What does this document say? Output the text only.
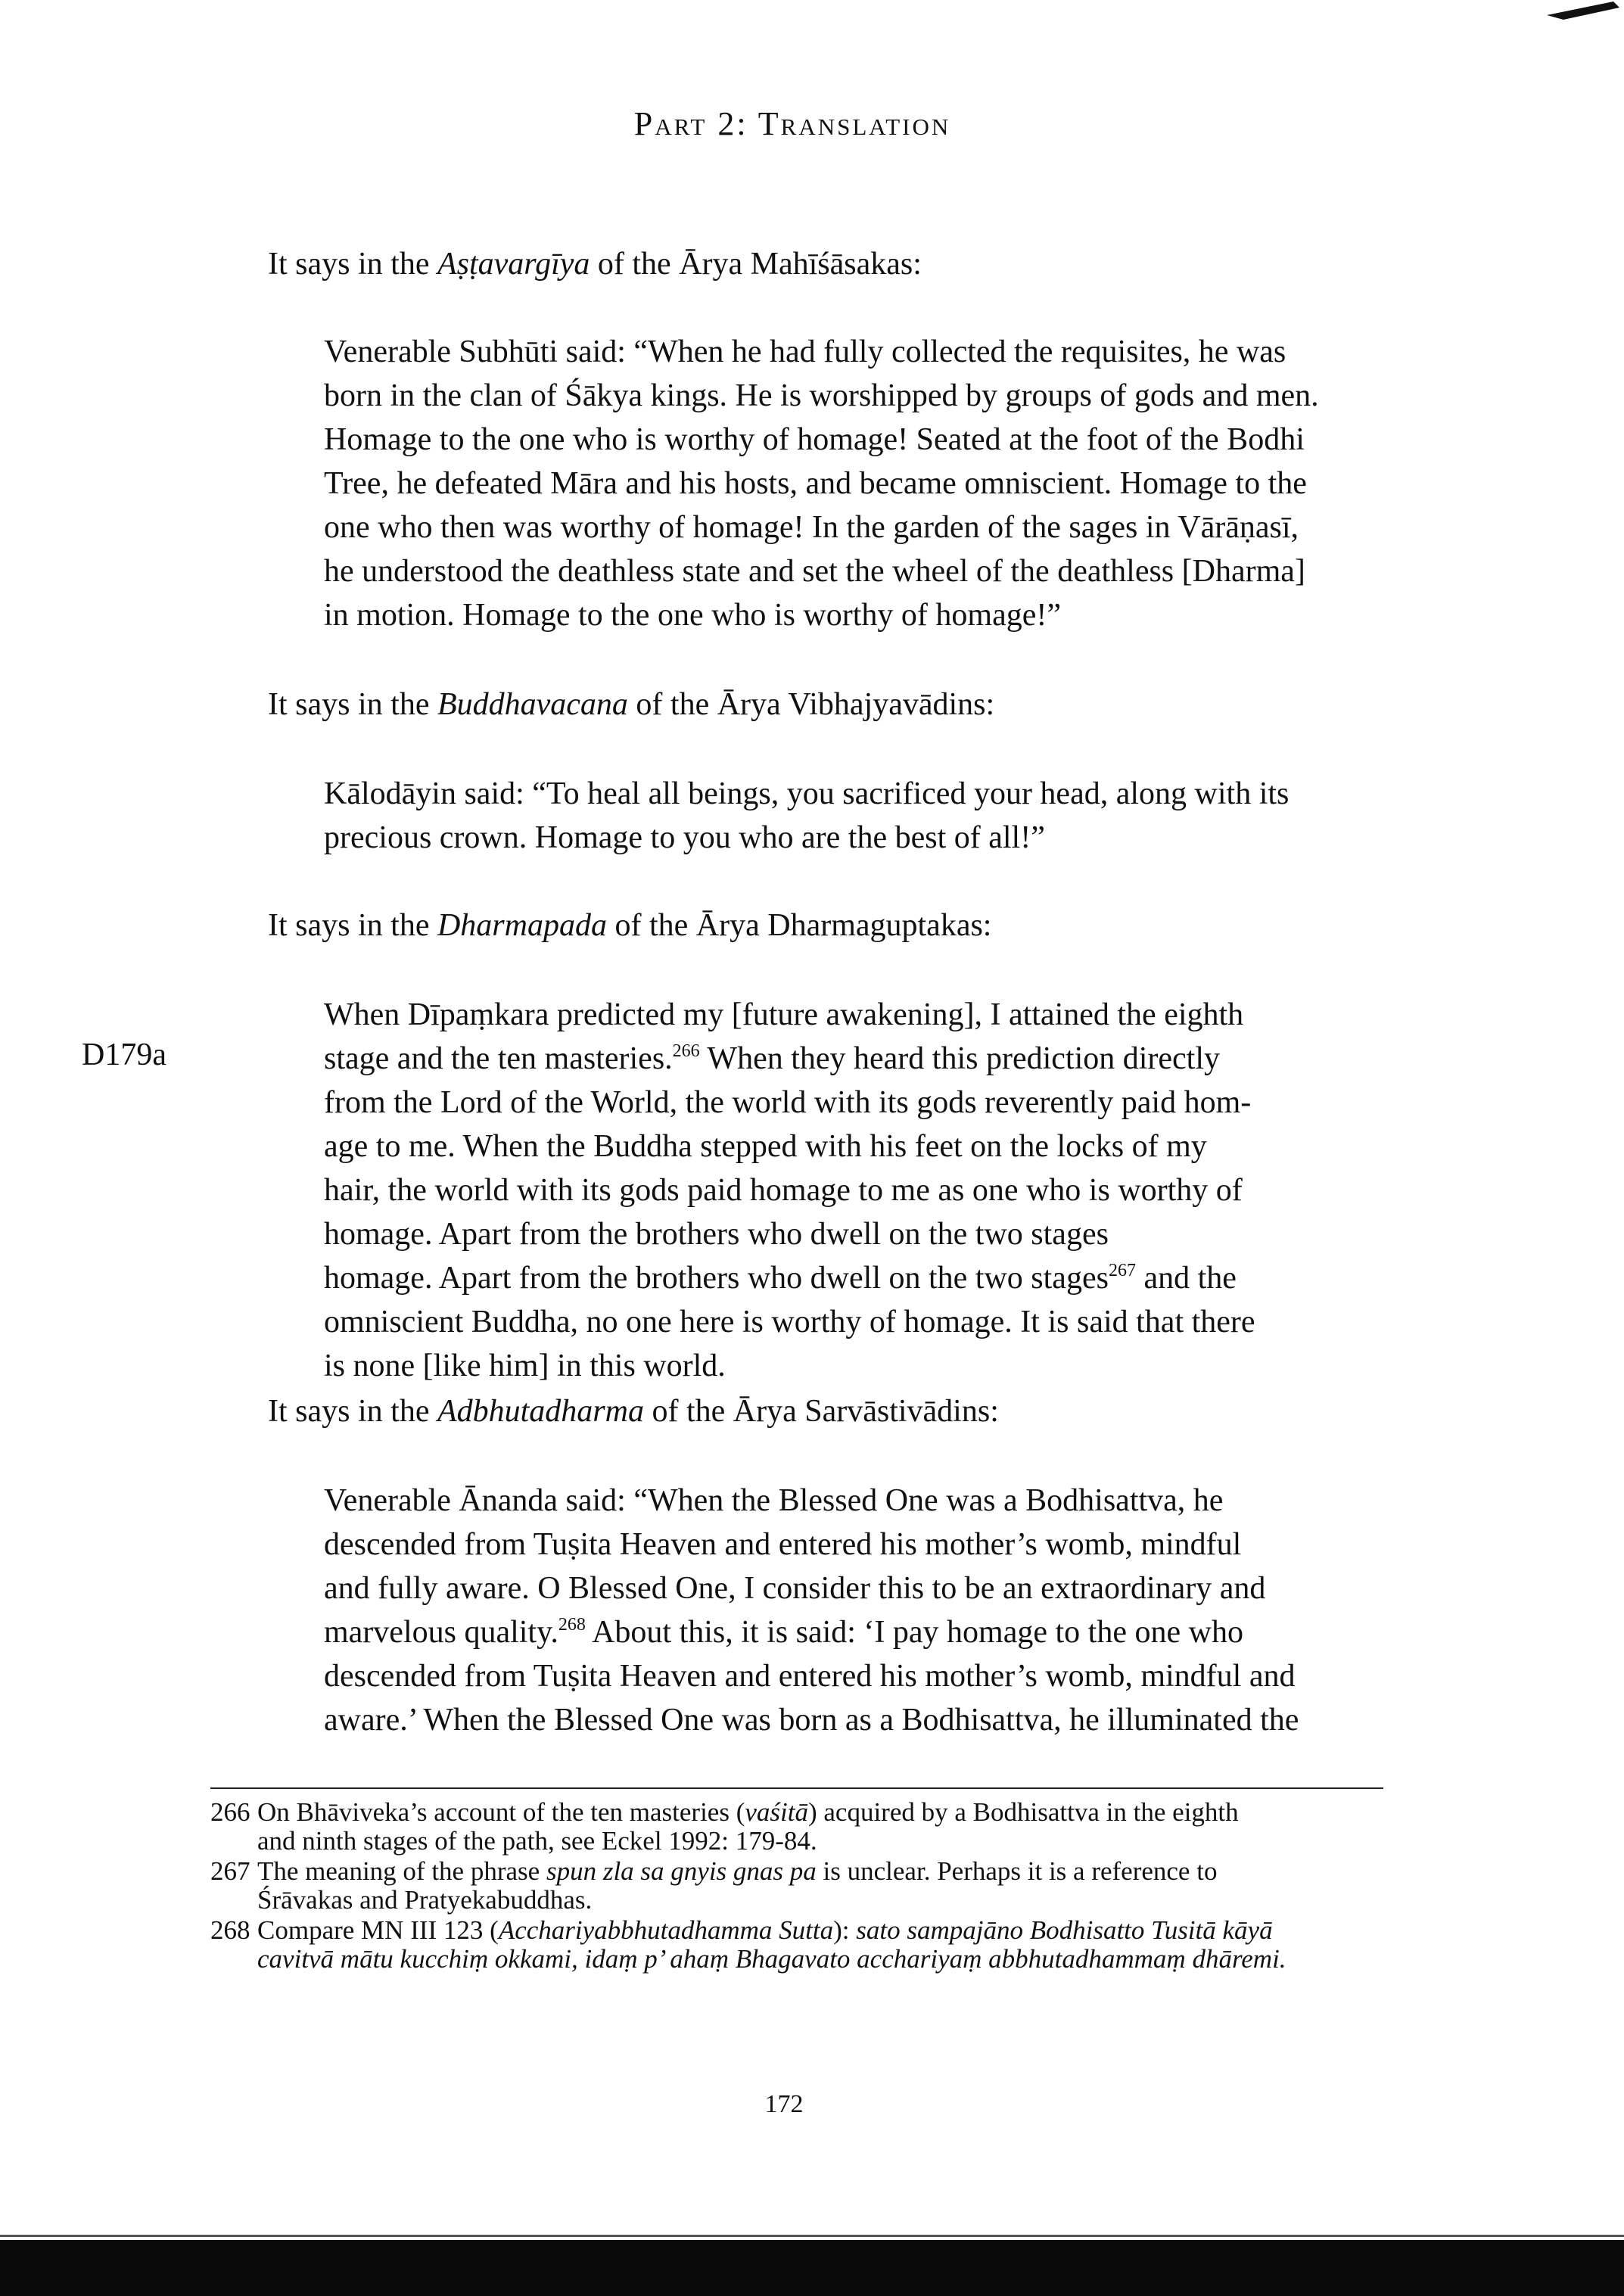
Part 2: Translation
D179a
It says in the Aṣṭavargīya of the Ārya Mahīśāsakas:
Venerable Subhūti said: “When he had fully collected the requisites, he was
born in the clan of Śākya kings. He is worshipped by groups of gods and men.
Homage to the one who is worthy of homage! Seated at the foot of the Bodhi
Tree, he defeated Māra and his hosts, and became omniscient. Homage to the
one who then was worthy of homage! In the garden of the sages in Vārāṇasī,
he understood the deathless state and set the wheel of the deathless [Dharma]
in motion. Homage to the one who is worthy of homage!”
It says in the Buddhavacana of the Ārya Vibhajyavādins:
Kālodāyin said: “To heal all beings, you sacrificed your head, along with its
precious crown. Homage to you who are the best of all!”
It says in the Dharmapada of the Ārya Dharmaguptakas:
When Dīpaṃkara predicted my [future awakening], I attained the eighth
stage and the ten masteries.$^{266}$ When they heard this prediction directly
from the Lord of the World, the world with its gods reverently paid hom-
age to me. When the Buddha stepped with his feet on the locks of my
hair, the world with its gods paid homage to me as one who is worthy of
homage. Apart from the brothers who dwell on the two stages
homage. Apart from the brothers who dwell on the two stages$^{267}$ and the
omniscient Buddha, no one here is worthy of homage. It is said that there
is none [like him] in this world.
It says in the Adbhutadharma of the Ārya Sarvāstivādins:
Venerable Ānanda said: “When the Blessed One was a Bodhisattva, he
descended from Tuṣita Heaven and entered his mother’s womb, mindful
and fully aware. O Blessed One, I consider this to be an extraordinary and
marvelous quality.$^{268}$ About this, it is said: ‘I pay homage to the one who
descended from Tuṣita Heaven and entered his mother’s womb, mindful and
aware.’ When the Blessed One was born as a Bodhisattva, he illuminated the
266 On Bhāviveka’s account of the ten masteries (vaśitā) acquired by a Bodhisattva in the eighth
and ninth stages of the path, see Eckel 1992: 179-84.
267 The meaning of the phrase spun zla sa gnyis gnas pa is unclear. Perhaps it is a reference to
Śrāvakas and Pratyekabuddhas.
268 Compare MN III 123 (Acchariyabbhutadhamma Sutta): sato sampajāno Bodhisatto Tusitā kāyā
cavitvā mātu kucchiṃ okkami, idaṃ p’ ahaṃ Bhagavato acchariyaṃ abbhutadhammaṃ dhāremi.
172
